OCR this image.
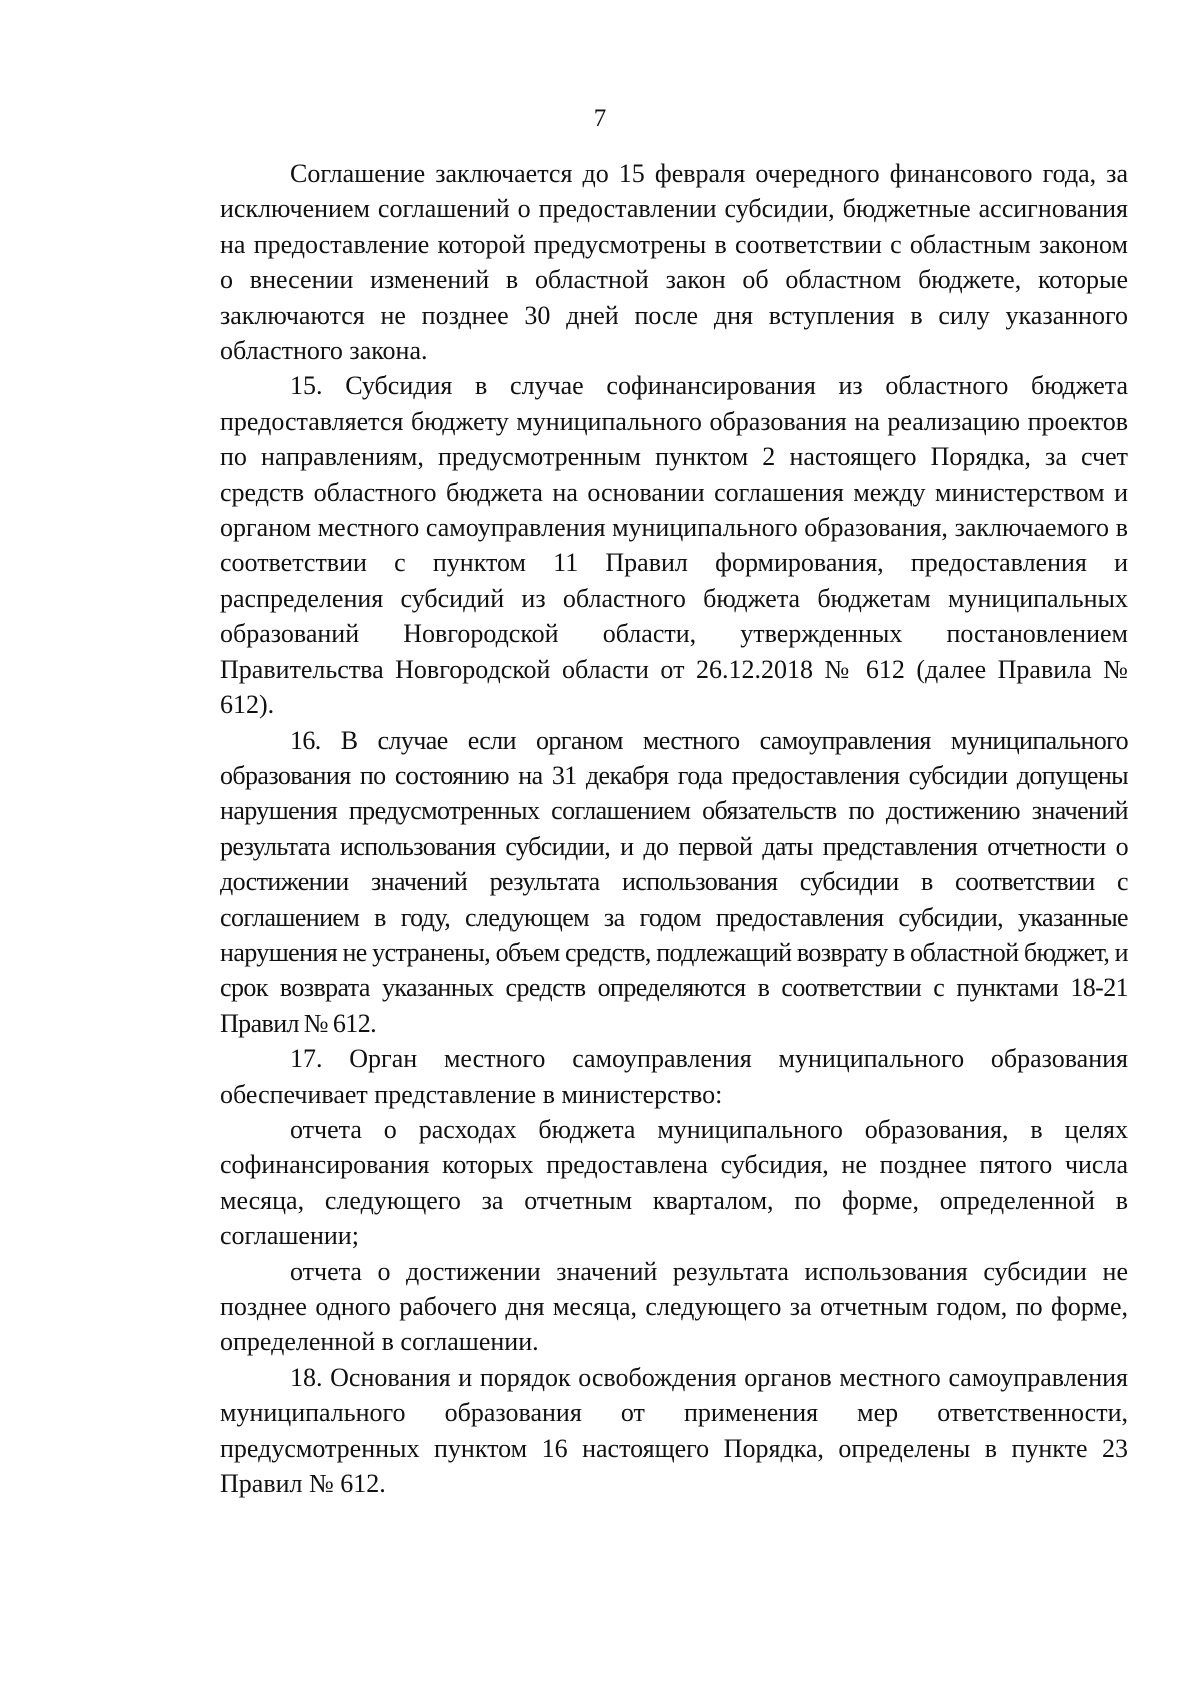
7

Соглашение заключается до 15 февраля очередного финансового года, за исключением соглашений о предоставлении субсидии, бюджетные ассигнования на предоставление которой предусмотрены в соответствии с областным законом о внесении изменений в областной закон об областном бюджете, которые заключаются не позднее 30 дней после дня вступления в силу указанного областного закона.

15. Субсидия в случае софинансирования из областного бюджета предоставляется бюджету муниципального образования на реализацию проектов по направлениям, предусмотренным пунктом 2 настоящего Порядка, за счет средств областного бюджета на основании соглашения между министерством и органом местного самоуправления муниципального образования, заключаемого в соответствии с пунктом 11 Правил формирования, предоставления и распределения субсидий из областного бюджета бюджетам муниципальных образований Новгородской области, утвержденных постановлением Правительства Новгородской области от 26.12.2018 № 612 (далее Правила № 612).

16. В случае если органом местного самоуправления муниципального образования по состоянию на 31 декабря года предоставления субсидии допущены нарушения предусмотренных соглашением обязательств по достижению значений результата использования субсидии, и до первой даты представления отчетности о достижении значений результата использования субсидии в соответствии с соглашением в году, следующем за годом предоставления субсидии, указанные нарушения не устранены, объем средств, подлежащий возврату в областной бюджет, и срок возврата указанных средств определяются в соответствии с пунктами 18-21 Правил № 612.

17. Орган местного самоуправления муниципального образования обеспечивает представление в министерство:

отчета о расходах бюджета муниципального образования, в целях софинансирования которых предоставлена субсидия, не позднее пятого числа месяца, следующего за отчетным кварталом, по форме, определенной в соглашении;

отчета о достижении значений результата использования субсидии не позднее одного рабочего дня месяца, следующего за отчетным годом, по форме, определенной в соглашении.

18. Основания и порядок освобождения органов местного самоуправления муниципального образования от применения мер ответственности, предусмотренных пунктом 16 настоящего Порядка, определены в пункте 23 Правил № 612.
